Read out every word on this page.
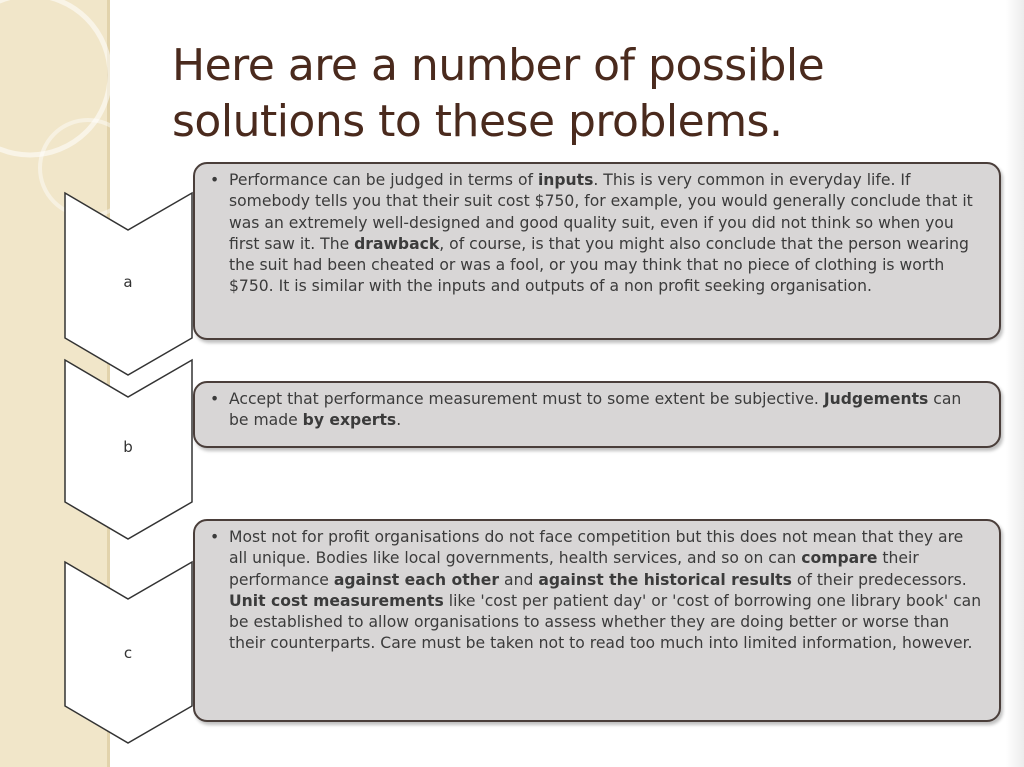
Here are a number of possible solutions to these problems.
a
b
c
• Performance can be judged in terms of inputs. This is very common in everyday life. If somebody tells you that their suit cost $750, for example, you would generally conclude that it was an extremely well-designed and good quality suit, even if you did not think so when you first saw it. The drawback, of course, is that you might also conclude that the person wearing the suit had been cheated or was a fool, or you may think that no piece of clothing is worth $750. It is similar with the inputs and outputs of a non profit seeking organisation.
• Accept that performance measurement must to some extent be subjective. Judgements can be made by experts.
• Most not for profit organisations do not face competition but this does not mean that they are all unique. Bodies like local governments, health services, and so on can compare their performance against each other and against the historical results of their predecessors. Unit cost measurements like 'cost per patient day' or 'cost of borrowing one library book' can be established to allow organisations to assess whether they are doing better or worse than their counterparts. Care must be taken not to read too much into limited information, however.
